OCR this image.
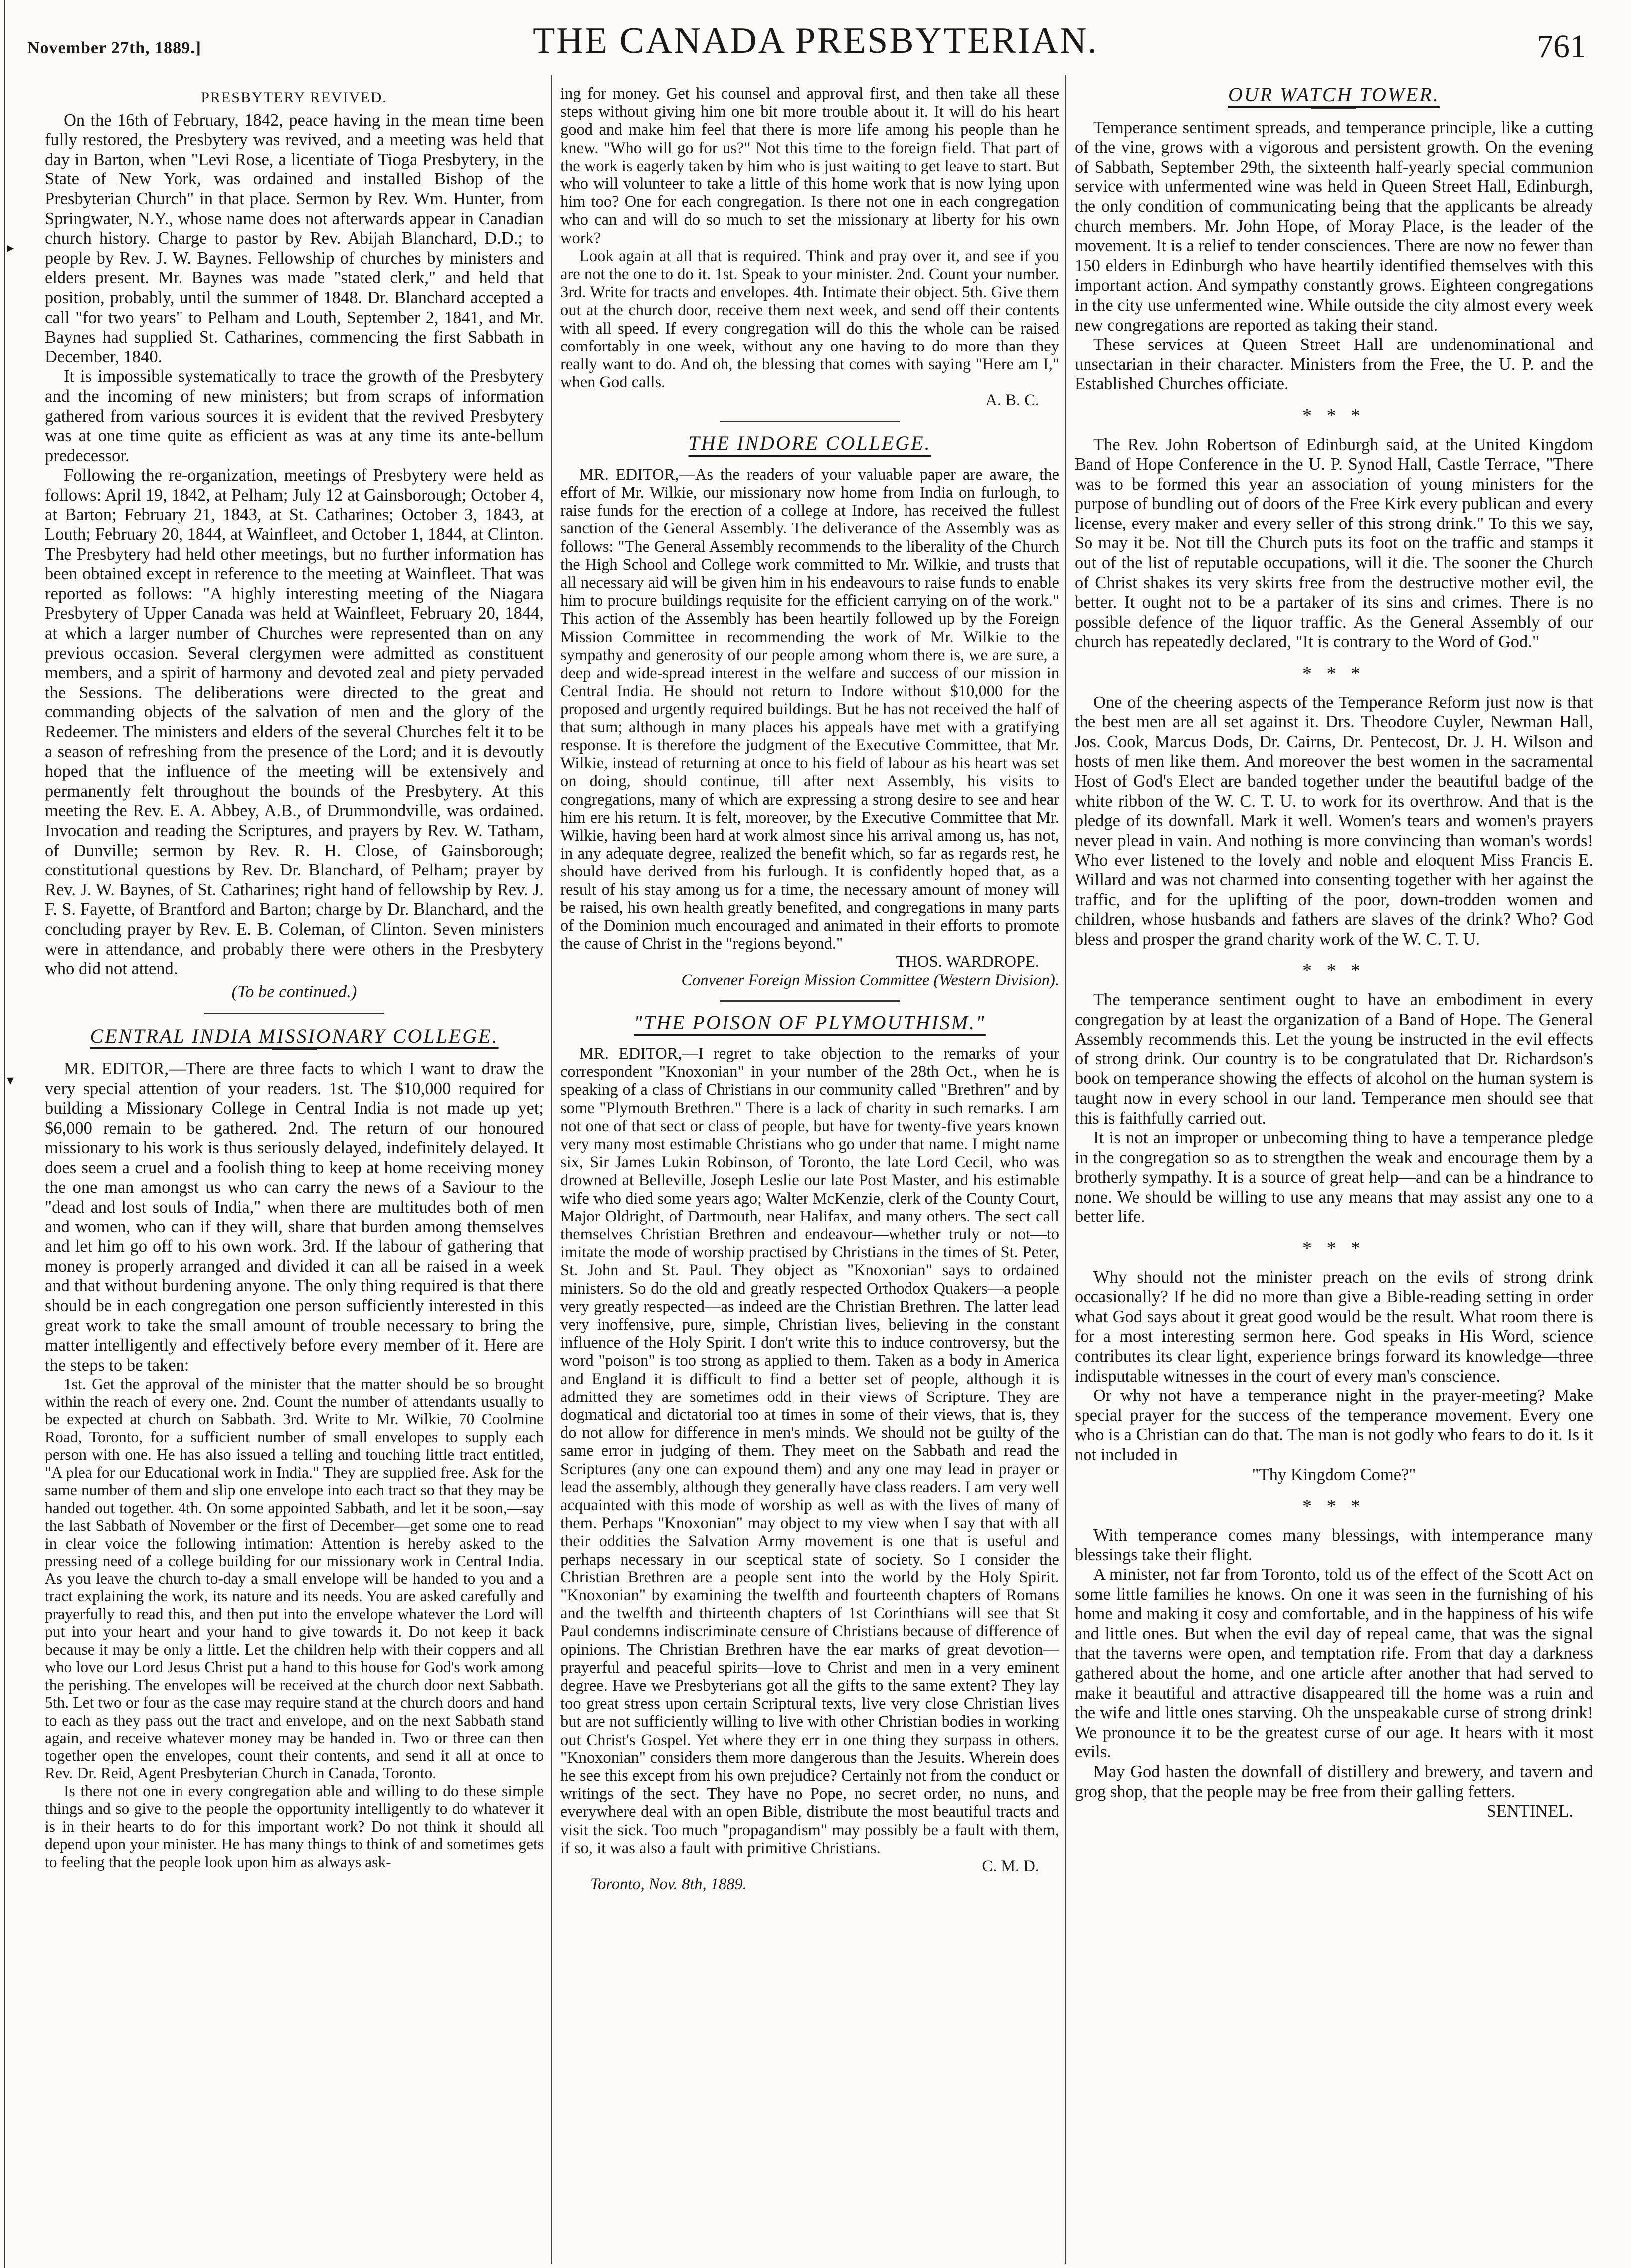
November 27th, 1889.]	THE CANADA PRESBYTERIAN.	761
▸
▾
PRESBYTERY REVIVED.

On the 16th of February, 1842, peace having in the mean time been fully restored, the Presbytery was revived, and a meeting was held that day in Barton, when "Levi Rose, a licentiate of Tioga Presbytery, in the State of New York, was ordained and installed Bishop of the Presbyterian Church" in that place. Sermon by Rev. Wm. Hunter, from Springwater, N.Y., whose name does not afterwards appear in Canadian church history. Charge to pastor by Rev. Abijah Blanchard, D.D.; to people by Rev. J. W. Baynes. Fellowship of churches by ministers and elders present. Mr. Baynes was made "stated clerk," and held that position, probably, until the summer of 1848. Dr. Blanchard accepted a call "for two years" to Pelham and Louth, September 2, 1841, and Mr. Baynes had supplied St. Catharines, commencing the first Sabbath in December, 1840.

It is impossible systematically to trace the growth of the Presbytery and the incoming of new ministers; but from scraps of information gathered from various sources it is evident that the revived Presbytery was at one time quite as efficient as was at any time its ante-bellum predecessor.

Following the re-organization, meetings of Presbytery were held as follows: April 19, 1842, at Pelham; July 12 at Gainsborough; October 4, at Barton; February 21, 1843, at St. Catharines; October 3, 1843, at Louth; February 20, 1844, at Wainfleet, and October 1, 1844, at Clinton. The Presbytery had held other meetings, but no further information has been obtained except in reference to the meeting at Wainfleet. That was reported as follows: "A highly interesting meeting of the Niagara Presbytery of Upper Canada was held at Wainfleet, February 20, 1844, at which a larger number of Churches were represented than on any previous occasion. Several clergymen were admitted as constituent members, and a spirit of harmony and devoted zeal and piety pervaded the Sessions. The deliberations were directed to the great and commanding objects of the salvation of men and the glory of the Redeemer. The ministers and elders of the several Churches felt it to be a season of refreshing from the presence of the Lord; and it is devoutly hoped that the influence of the meeting will be extensively and permanently felt throughout the bounds of the Presbytery. At this meeting the Rev. E. A. Abbey, A.B., of Drummondville, was ordained. Invocation and reading the Scriptures, and prayers by Rev. W. Tatham, of Dunville; sermon by Rev. R. H. Close, of Gainsborough; constitutional questions by Rev. Dr. Blanchard, of Pelham; prayer by Rev. J. W. Baynes, of St. Catharines; right hand of fellowship by Rev. J. F. S. Fayette, of Brantford and Barton; charge by Dr. Blanchard, and the concluding prayer by Rev. E. B. Coleman, of Clinton. Seven ministers were in attendance, and probably there were others in the Presbytery who did not attend.

(To be continued.)
CENTRAL INDIA MISSIONARY COLLEGE.

MR. EDITOR,—There are three facts to which I want to draw the very special attention of your readers. 1st. The $10,000 required for building a Missionary College in Central India is not made up yet; $6,000 remain to be gathered. 2nd. The return of our honoured missionary to his work is thus seriously delayed, indefinitely delayed. It does seem a cruel and a foolish thing to keep at home receiving money the one man amongst us who can carry the news of a Saviour to the "dead and lost souls of India," when there are multitudes both of men and women, who can if they will, share that burden among themselves and let him go off to his own work. 3rd. If the labour of gathering that money is properly arranged and divided it can all be raised in a week and that without burdening anyone. The only thing required is that there should be in each congregation one person sufficiently interested in this great work to take the small amount of trouble necessary to bring the matter intelligently and effectively before every member of it. Here are the steps to be taken:

1st. Get the approval of the minister that the matter should be so brought within the reach of every one. 2nd. Count the number of attendants usually to be expected at church on Sabbath. 3rd. Write to Mr. Wilkie, 70 Coolmine Road, Toronto, for a sufficient number of small envelopes to supply each person with one. He has also issued a telling and touching little tract entitled, "A plea for our Educational work in India." They are supplied free. Ask for the same number of them and slip one envelope into each tract so that they may be handed out together. 4th. On some appointed Sabbath, and let it be soon,—say the last Sabbath of November or the first of December—get some one to read in clear voice the following intimation: Attention is hereby asked to the pressing need of a college building for our missionary work in Central India. As you leave the church to-day a small envelope will be handed to you and a tract explaining the work, its nature and its needs. You are asked carefully and prayerfully to read this, and then put into the envelope whatever the Lord will put into your heart and your hand to give towards it. Do not keep it back because it may be only a little. Let the children help with their coppers and all who love our Lord Jesus Christ put a hand to this house for God's work among the perishing. The envelopes will be received at the church door next Sabbath. 5th. Let two or four as the case may require stand at the church doors and hand to each as they pass out the tract and envelope, and on the next Sabbath stand again, and receive whatever money may be handed in. Two or three can then together open the envelopes, count their contents, and send it all at once to Rev. Dr. Reid, Agent Presbyterian Church in Canada, Toronto.

Is there not one in every congregation able and willing to do these simple things and so give to the people the opportunity intelligently to do whatever it is in their hearts to do for this important work? Do not think it should all depend upon your minister. He has many things to think of and sometimes gets to feeling that the people look upon him as always ask-

ing for money. Get his counsel and approval first, and then take all these steps without giving him one bit more trouble about it. It will do his heart good and make him feel that there is more life among his people than he knew. "Who will go for us?" Not this time to the foreign field. That part of the work is eagerly taken by him who is just waiting to get leave to start. But who will volunteer to take a little of this home work that is now lying upon him too? One for each congregation. Is there not one in each congregation who can and will do so much to set the missionary at liberty for his own work?

Look again at all that is required. Think and pray over it, and see if you are not the one to do it. 1st. Speak to your minister. 2nd. Count your number. 3rd. Write for tracts and envelopes. 4th. Intimate their object. 5th. Give them out at the church door, receive them next week, and send off their contents with all speed. If every congregation will do this the whole can be raised comfortably in one week, without any one having to do more than they really want to do. And oh, the blessing that comes with saying "Here am I," when God calls.

A. B. C.

THE INDORE COLLEGE.

MR. EDITOR,—As the readers of your valuable paper are aware, the effort of Mr. Wilkie, our missionary now home from India on furlough, to raise funds for the erection of a college at Indore, has received the fullest sanction of the General Assembly. The deliverance of the Assembly was as follows: "The General Assembly recommends to the liberality of the Church the High School and College work committed to Mr. Wilkie, and trusts that all necessary aid will be given him in his endeavours to raise funds to enable him to procure buildings requisite for the efficient carrying on of the work." This action of the Assembly has been heartily followed up by the Foreign Mission Committee in recommending the work of Mr. Wilkie to the sympathy and generosity of our people among whom there is, we are sure, a deep and wide-spread interest in the welfare and success of our mission in Central India. He should not return to Indore without $10,000 for the proposed and urgently required buildings. But he has not received the half of that sum; although in many places his appeals have met with a gratifying response. It is therefore the judgment of the Executive Committee, that Mr. Wilkie, instead of returning at once to his field of labour as his heart was set on doing, should continue, till after next Assembly, his visits to congregations, many of which are expressing a strong desire to see and hear him ere his return. It is felt, moreover, by the Executive Committee that Mr. Wilkie, having been hard at work almost since his arrival among us, has not, in any adequate degree, realized the benefit which, so far as regards rest, he should have derived from his furlough. It is confidently hoped that, as a result of his stay among us for a time, the necessary amount of money will be raised, his own health greatly benefited, and congregations in many parts of the Dominion much encouraged and animated in their efforts to promote the cause of Christ in the "regions beyond."

THOS. WARDROPE.

Convener Foreign Mission Committee (Western Division).

"THE POISON OF PLYMOUTHISM."

MR. EDITOR,—I regret to take objection to the remarks of your correspondent "Knoxonian" in your number of the 28th Oct., when he is speaking of a class of Christians in our community called "Brethren" and by some "Plymouth Brethren." There is a lack of charity in such remarks. I am not one of that sect or class of people, but have for twenty-five years known very many most estimable Christians who go under that name. I might name six, Sir James Lukin Robinson, of Toronto, the late Lord Cecil, who was drowned at Belleville, Joseph Leslie our late Post Master, and his estimable wife who died some years ago; Walter McKenzie, clerk of the County Court, Major Oldright, of Dartmouth, near Halifax, and many others. The sect call themselves Christian Brethren and endeavour—whether truly or not—to imitate the mode of worship practised by Christians in the times of St. Peter, St. John and St. Paul. They object as "Knoxonian" says to ordained ministers. So do the old and greatly respected Orthodox Quakers—a people very greatly respected—as indeed are the Christian Brethren. The latter lead very inoffensive, pure, simple, Christian lives, believing in the constant influence of the Holy Spirit. I don't write this to induce controversy, but the word "poison" is too strong as applied to them. Taken as a body in America and England it is difficult to find a better set of people, although it is admitted they are sometimes odd in their views of Scripture. They are dogmatical and dictatorial too at times in some of their views, that is, they do not allow for difference in men's minds. We should not be guilty of the same error in judging of them. They meet on the Sabbath and read the Scriptures (any one can expound them) and any one may lead in prayer or lead the assembly, although they generally have class readers. I am very well acquainted with this mode of worship as well as with the lives of many of them. Perhaps "Knoxonian" may object to my view when I say that with all their oddities the Salvation Army movement is one that is useful and perhaps necessary in our sceptical state of society. So I consider the Christian Brethren are a people sent into the world by the Holy Spirit. "Knoxonian" by examining the twelfth and fourteenth chapters of Romans and the twelfth and thirteenth chapters of 1st Corinthians will see that St Paul condemns indiscriminate censure of Christians because of difference of opinions. The Christian Brethren have the ear marks of great devotion—prayerful and peaceful spirits—love to Christ and men in a very eminent degree. Have we Presbyterians got all the gifts to the same extent? They lay too great stress upon certain Scriptural texts, live very close Christian lives but are not sufficiently willing to live with other Christian bodies in working out Christ's Gospel. Yet where they err in one thing they surpass in others. "Knoxonian" considers them more dangerous than the Jesuits. Wherein does he see this except from his own prejudice? Certainly not from the conduct or writings of the sect. They have no Pope, no secret order, no nuns, and everywhere deal with an open Bible, distribute the most beautiful tracts and visit the sick. Too much "propagandism" may possibly be a fault with them, if so, it was also a fault with primitive Christians.

C. M. D.

Toronto, Nov. 8th, 1889.

OUR WATCH TOWER.

Temperance sentiment spreads, and temperance principle, like a cutting of the vine, grows with a vigorous and persistent growth. On the evening of Sabbath, September 29th, the sixteenth half-yearly special communion service with unfermented wine was held in Queen Street Hall, Edinburgh, the only condition of communicating being that the applicants be already church members. Mr. John Hope, of Moray Place, is the leader of the movement. It is a relief to tender consciences. There are now no fewer than 150 elders in Edinburgh who have heartily identified themselves with this important action. And sympathy constantly grows. Eighteen congregations in the city use unfermented wine. While outside the city almost every week new congregations are reported as taking their stand.

These services at Queen Street Hall are undenominational and unsectarian in their character. Ministers from the Free, the U. P. and the Established Churches officiate.

* * *

The Rev. John Robertson of Edinburgh said, at the United Kingdom Band of Hope Conference in the U. P. Synod Hall, Castle Terrace, "There was to be formed this year an association of young ministers for the purpose of bundling out of doors of the Free Kirk every publican and every license, every maker and every seller of this strong drink." To this we say, So may it be. Not till the Church puts its foot on the traffic and stamps it out of the list of reputable occupations, will it die. The sooner the Church of Christ shakes its very skirts free from the destructive mother evil, the better. It ought not to be a partaker of its sins and crimes. There is no possible defence of the liquor traffic. As the General Assembly of our church has repeatedly declared, "It is contrary to the Word of God."

* * *

One of the cheering aspects of the Temperance Reform just now is that the best men are all set against it. Drs. Theodore Cuyler, Newman Hall, Jos. Cook, Marcus Dods, Dr. Cairns, Dr. Pentecost, Dr. J. H. Wilson and hosts of men like them. And moreover the best women in the sacramental Host of God's Elect are banded together under the beautiful badge of the white ribbon of the W. C. T. U. to work for its overthrow. And that is the pledge of its downfall. Mark it well. Women's tears and women's prayers never plead in vain. And nothing is more convincing than woman's words! Who ever listened to the lovely and noble and eloquent Miss Francis E. Willard and was not charmed into consenting together with her against the traffic, and for the uplifting of the poor, down-trodden women and children, whose husbands and fathers are slaves of the drink? Who? God bless and prosper the grand charity work of the W. C. T. U.

* * *

The temperance sentiment ought to have an embodiment in every congregation by at least the organization of a Band of Hope. The General Assembly recommends this. Let the young be instructed in the evil effects of strong drink. Our country is to be congratulated that Dr. Richardson's book on temperance showing the effects of alcohol on the human system is taught now in every school in our land. Temperance men should see that this is faithfully carried out.

It is not an improper or unbecoming thing to have a temperance pledge in the congregation so as to strengthen the weak and encourage them by a brotherly sympathy. It is a source of great help—and can be a hindrance to none. We should be willing to use any means that may assist any one to a better life.

* * *

Why should not the minister preach on the evils of strong drink occasionally? If he did no more than give a Bible-reading setting in order what God says about it great good would be the result. What room there is for a most interesting sermon here. God speaks in His Word, science contributes its clear light, experience brings forward its knowledge—three indisputable witnesses in the court of every man's conscience.

Or why not have a temperance night in the prayer-meeting? Make special prayer for the success of the temperance movement. Every one who is a Christian can do that. The man is not godly who fears to do it. Is it not included in

"Thy Kingdom Come?"

* * *

With temperance comes many blessings, with intemperance many blessings take their flight.

A minister, not far from Toronto, told us of the effect of the Scott Act on some little families he knows. On one it was seen in the furnishing of his home and making it cosy and comfortable, and in the happiness of his wife and little ones. But when the evil day of repeal came, that was the signal that the taverns were open, and temptation rife. From that day a darkness gathered about the home, and one article after another that had served to make it beautiful and attractive disappeared till the home was a ruin and the wife and little ones starving. Oh the unspeakable curse of strong drink! We pronounce it to be the greatest curse of our age. It hears with it most evils.

May God hasten the downfall of distillery and brewery, and tavern and grog shop, that the people may be free from their galling fetters.

SENTINEL.
